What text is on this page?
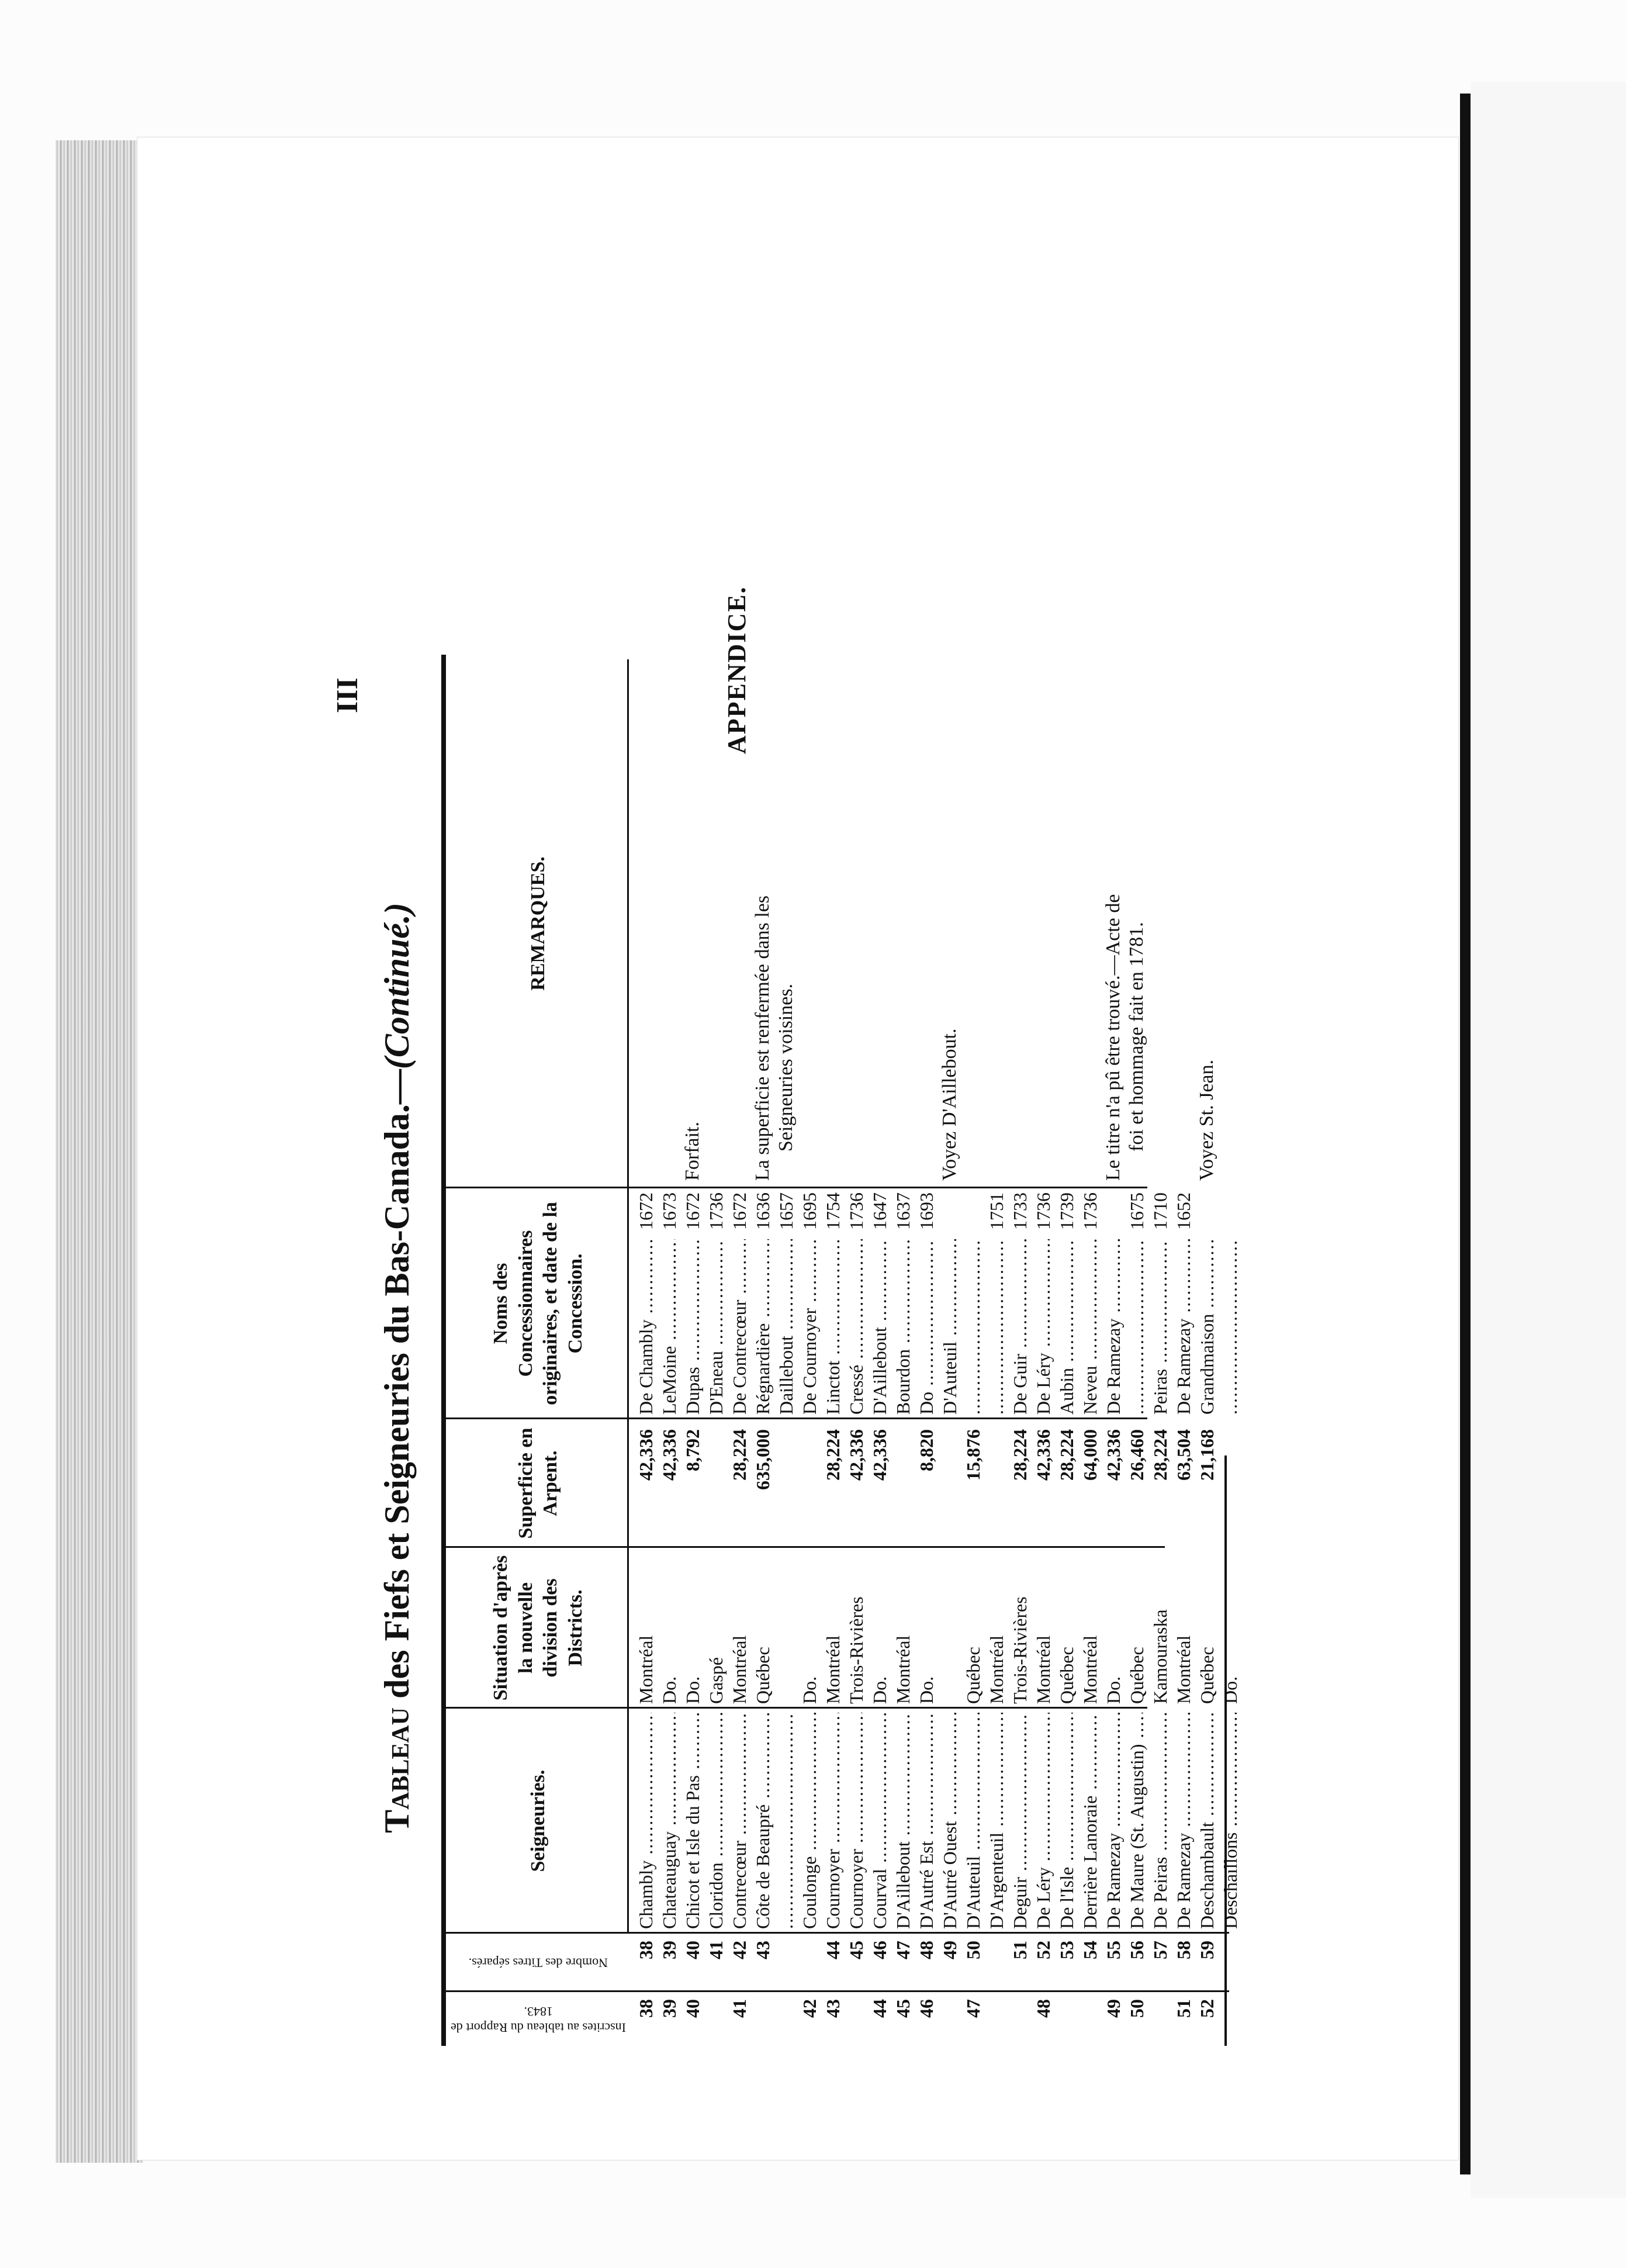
III	APPENDICE.
Tableau des Fiefs et Seigneuries du Bas-Canada.—(Continué.)
Inscrites au tableau du Rapport de 1843.
Nombre des Titres séparés.
Seigneuries.
Situation d'après la nouvelle division des Districts.
Superficie en Arpent.
Noms des Concessionnaires originaires, et date de la Concession.
REMARQUES.
38 39 40 41	42 43 44 45 46 47	48	49 50 51 52
38 39 40 41 42 43	44 45 46 47 48 49 50 51 52 53 54 55 56 57 58 59
Chambly ..... Chateauguay ..... Chicot et Isle du Pas ..... Cloridon ..... Contrecœur ..... Côte de Beaupré .....
..... Coulonge ..... Cournoyer ..... Cournoyer ..... Courval ..... D'Aillebout ..... D'Autré Est ..... D'Autré Ouest ..... D'Auteuil ..... D'Argenteuil ..... Deguir ..... De Léry ..... De l'Isle ..... Derrière Lanoraie ..... De Ramezay ..... De Maure (St. Augustin) ..... De Peiras ..... De Ramezay ..... Deschambault ..... Deschaillons .....
Montréal Do. Do. Gaspé Montréal Québec Do. Montréal Trois-Rivières Do. Montréal Do. Québec Montréal Trois-Rivières Montréal Québec Montréal Do. Québec Kamouraska Montréal Québec Do.
42,336 42,336 8,792 28,224 635,000	28,224 42,336 42,336 8,820 15,876 28,224 42,336 28,224 64,000 42,336 26,460 28,224 63,504 21,168
De Chambly .....
1672
LeMoine .....
1673
Dupas .....
1672
D'Eneau .....
1736
De Contrecœur .....
1672
Régnardière .....
1636
Daillebout .....
1657
De Cournoyer .....
1695
Linctot .....
1754
Cressé .....
1736
D'Aillebout .....
1647
Bourdon .....
1637
Do .....
1693
D'Auteuil .....
.....
.....
1751
De Guir .....
1733
De Léry .....
1736
Aubin .....
1739
Neveu .....
1736
De Ramezay .....
.....
1675
Peiras .....
1710
De Ramezay .....
1652
Grandmaison .....
.....
Forfait. La superficie est renfermée dans les Seigneuries voisines.	Voyez D'Aillebout.	Le titre n'a pû être trouvé.—Acte de foi et hommage fait en 1781. Voyez St. Jean.
